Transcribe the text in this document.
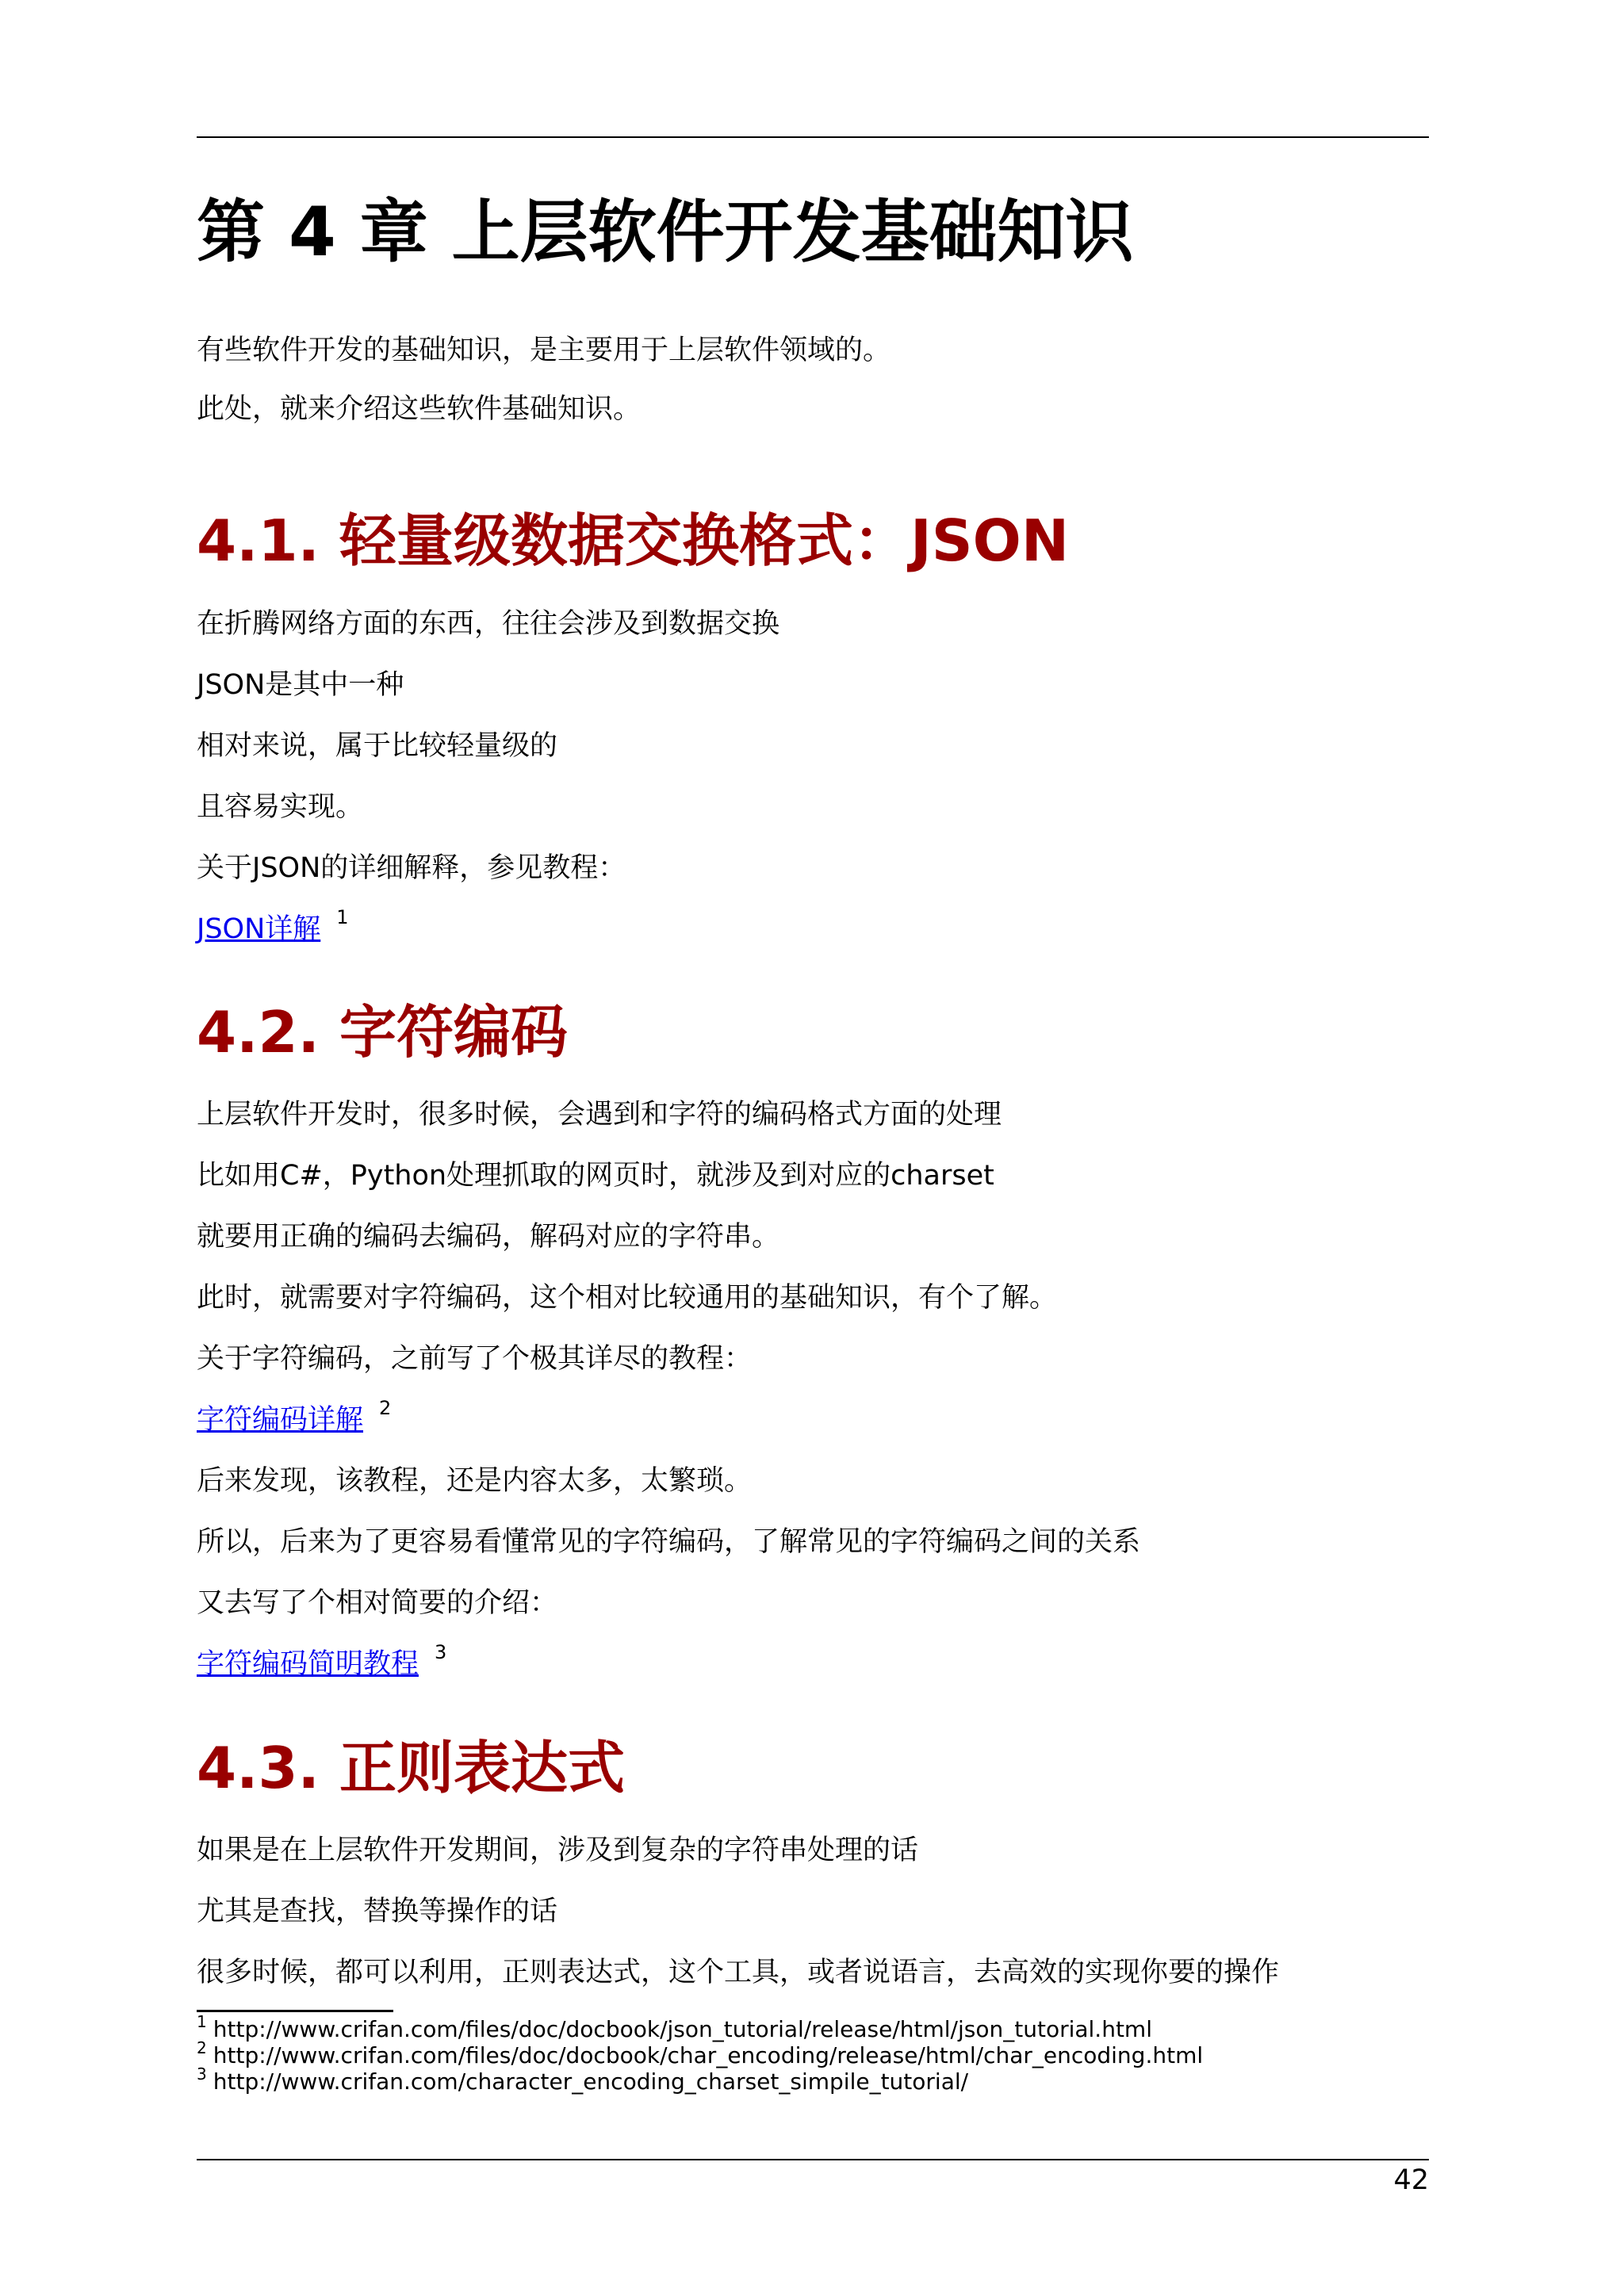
第 4 章 上层软件开发基础知识

有些软件开发的基础知识，是主要用于上层软件领域的。

此处，就来介绍这些软件基础知识。

4.1. 轻量级数据交换格式：JSON

在折腾网络方面的东西，往往会涉及到数据交换

JSON是其中一种

相对来说，属于比较轻量级的

且容易实现。

关于JSON的详细解释，参见教程：

JSON详解 $^1$

4.2. 字符编码

上层软件开发时，很多时候，会遇到和字符的编码格式方面的处理

比如用C#，Python处理抓取的网页时，就涉及到对应的charset

就要用正确的编码去编码，解码对应的字符串。

此时，就需要对字符编码，这个相对比较通用的基础知识，有个了解。

关于字符编码，之前写了个极其详尽的教程：

字符编码详解 $^2$

后来发现，该教程，还是内容太多，太繁琐。

所以，后来为了更容易看懂常见的字符编码，了解常见的字符编码之间的关系

又去写了个相对简要的介绍：

字符编码简明教程 $^3$

4.3. 正则表达式

如果是在上层软件开发期间，涉及到复杂的字符串处理的话

尤其是查找，替换等操作的话

很多时候，都可以利用，正则表达式，这个工具，或者说语言，去高效的实现你要的操作

$^1$ http://www.crifan.com/files/doc/docbook/json_tutorial/release/html/json_tutorial.html

$^2$ http://www.crifan.com/files/doc/docbook/char_encoding/release/html/char_encoding.html

$^3$ http://www.crifan.com/character_encoding_charset_simpile_tutorial/

42
